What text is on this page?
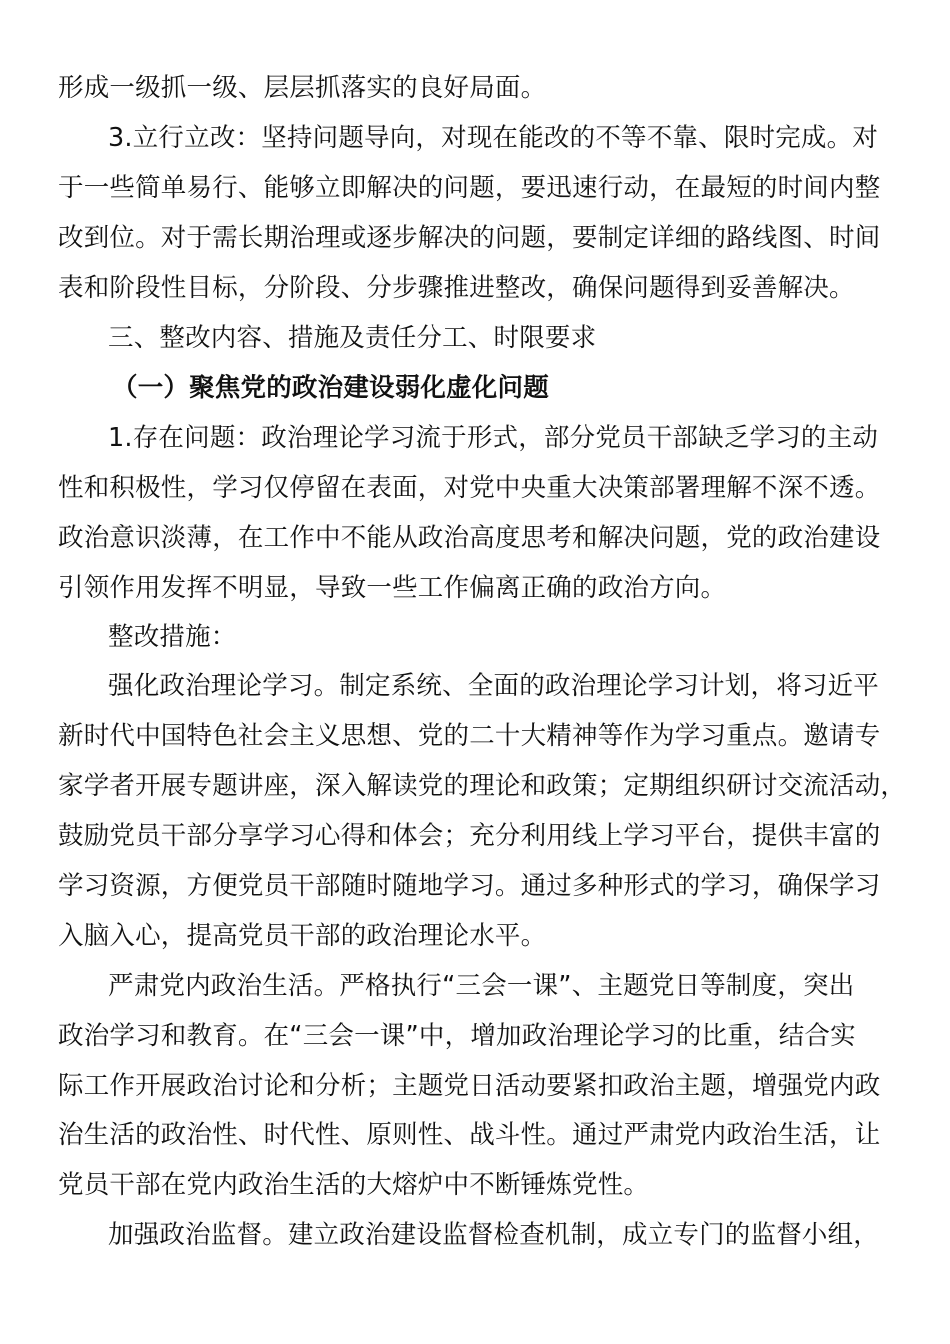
形成一级抓一级、层层抓落实的良好局面。
3.立行立改：坚持问题导向，对现在能改的不等不靠、限时完成。对
于一些简单易行、能够立即解决的问题，要迅速行动，在最短的时间内整
改到位。对于需长期治理或逐步解决的问题，要制定详细的路线图、时间
表和阶段性目标，分阶段、分步骤推进整改，确保问题得到妥善解决。
三、整改内容、措施及责任分工、时限要求
（一）聚焦党的政治建设弱化虚化问题
1.存在问题：政治理论学习流于形式，部分党员干部缺乏学习的主动
性和积极性，学习仅停留在表面，对党中央重大决策部署理解不深不透。
政治意识淡薄，在工作中不能从政治高度思考和解决问题，党的政治建设
引领作用发挥不明显，导致一些工作偏离正确的政治方向。
整改措施：
强化政治理论学习。制定系统、全面的政治理论学习计划，将习近平
新时代中国特色社会主义思想、党的二十大精神等作为学习重点。邀请专
家学者开展专题讲座，深入解读党的理论和政策；定期组织研讨交流活动，
鼓励党员干部分享学习心得和体会；充分利用线上学习平台，提供丰富的
学习资源，方便党员干部随时随地学习。通过多种形式的学习，确保学习
入脑入心，提高党员干部的政治理论水平。
严肃党内政治生活。严格执行“三会一课”、主题党日等制度，突出
政治学习和教育。在“三会一课”中，增加政治理论学习的比重，结合实
际工作开展政治讨论和分析；主题党日活动要紧扣政治主题，增强党内政
治生活的政治性、时代性、原则性、战斗性。通过严肃党内政治生活，让
党员干部在党内政治生活的大熔炉中不断锤炼党性。
加强政治监督。建立政治建设监督检查机制，成立专门的监督小组，
